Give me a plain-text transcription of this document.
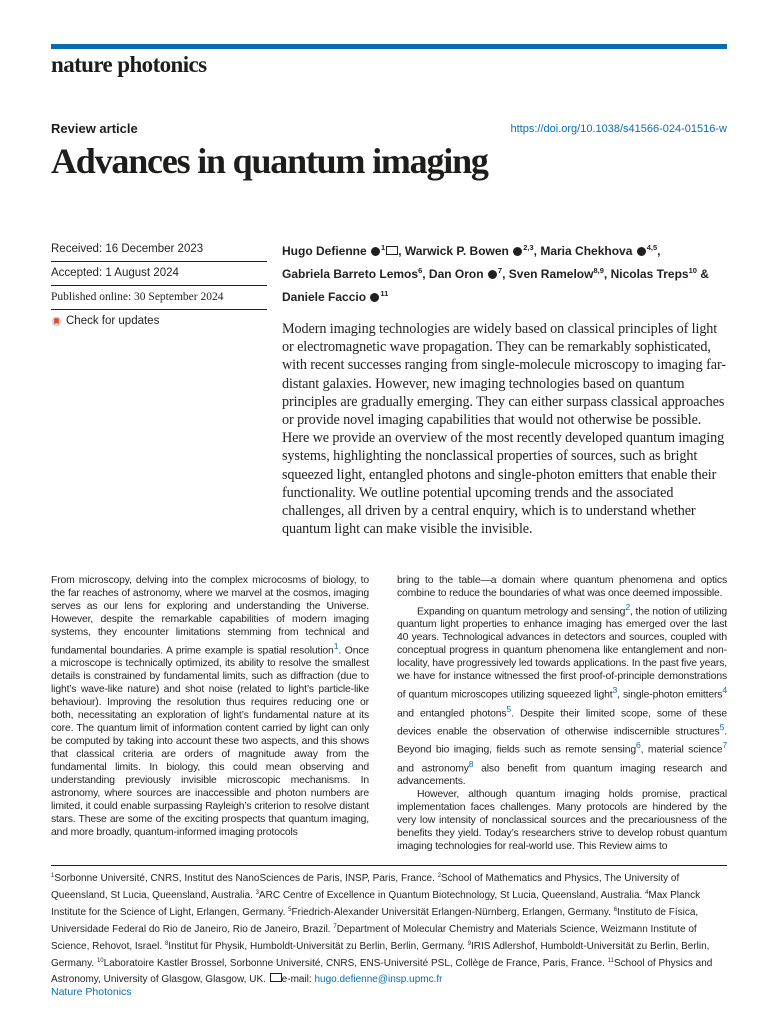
nature photonics
Review article	https://doi.org/10.1038/s41566-024-01516-w
Advances in quantum imaging
Received: 16 December 2023
Accepted: 1 August 2024
Published online: 30 September 2024
Check for updates
Hugo Defienne $^1$ , Warwick P. Bowen $^{2,3}$, Maria Chekhova $^{4,5}$,
Gabriela Barreto Lemos$^6$, Dan Oron $^7$, Sven Ramelow$^{8,9}$, Nicolas Treps$^{10}$ &
Daniele Faccio $^{11}$

Modern imaging technologies are widely based on classical principles of light or electromagnetic wave propagation. They can be remarkably sophisticated, with recent successes ranging from single-molecule microscopy to imaging far-distant galaxies. However, new imaging technologies based on quantum principles are gradually emerging. They can either surpass classical approaches or provide novel imaging capabilities that would not otherwise be possible. Here we provide an overview of the most recently developed quantum imaging systems, highlighting the nonclassical properties of sources, such as bright squeezed light, entangled photons and single-photon emitters that enable their functionality. We outline potential upcoming trends and the associated challenges, all driven by a central enquiry, which is to understand whether quantum light can make visible the invisible.

From microscopy, delving into the complex microcosms of biology, to the far reaches of astronomy, where we marvel at the cosmos, imaging serves as our lens for exploring and understanding the Universe. However, despite the remarkable capabilities of modern imaging systems, they encounter limitations stemming from technical and fundamental boundaries. A prime example is spatial resolution$^1$. Once a microscope is technically optimized, its ability to resolve the smallest details is constrained by fundamental limits, such as diffraction (due to light’s wave-like nature) and shot noise (related to light’s particle-like behaviour). Improving the resolution thus requires reducing one or both, necessitating an exploration of light’s fundamental nature at its core. The quantum limit of information content carried by light can only be computed by taking into account these two aspects, and this shows that classical criteria are orders of magnitude away from the fundamental limits. In biology, this could mean observing and understanding previously invisible microscopic mechanisms. In astronomy, where sources are inaccessible and photon numbers are limited, it could enable surpassing Rayleigh’s criterion to resolve distant stars. These are some of the exciting prospects that quantum imaging, and more broadly, quantum-informed imaging protocols

bring to the table—a domain where quantum phenomena and optics combine to reduce the boundaries of what was once deemed impossible.

Expanding on quantum metrology and sensing$^2$, the notion of utilizing quantum light properties to enhance imaging has emerged over the last 40 years. Technological advances in detectors and sources, coupled with conceptual progress in quantum phenomena like entanglement and non-locality, have progressively led towards applications. In the past five years, we have for instance witnessed the first proof-of-principle demonstrations of quantum microscopes utilizing squeezed light$^3$, single-photon emitters$^4$ and entangled photons$^5$. Despite their limited scope, some of these devices enable the observation of otherwise indiscernible structures$^5$. Beyond bio imaging, fields such as remote sensing$^6$, material science$^7$ and astronomy$^8$ also benefit from quantum imaging research and advancements.

However, although quantum imaging holds promise, practical implementation faces challenges. Many protocols are hindered by the very low intensity of nonclassical sources and the precariousness of the benefits they yield. Today’s researchers strive to develop robust quantum imaging technologies for real-world use. This Review aims to

$^1$Sorbonne Université, CNRS, Institut des NanoSciences de Paris, INSP, Paris, France. $^2$School of Mathematics and Physics, The University of Queensland, St Lucia, Queensland, Australia. $^3$ARC Centre of Excellence in Quantum Biotechnology, St Lucia, Queensland, Australia. $^4$Max Planck Institute for the Science of Light, Erlangen, Germany. $^5$Friedrich-Alexander Universität Erlangen-Nürnberg, Erlangen, Germany. $^6$Instituto de Física, Universidade Federal do Rio de Janeiro, Rio de Janeiro, Brazil. $^7$Department of Molecular Chemistry and Materials Science, Weizmann Institute of Science, Rehovot, Israel. $^8$Institut für Physik, Humboldt-Universität zu Berlin, Berlin, Germany. $^9$IRIS Adlershof, Humboldt-Universität zu Berlin, Berlin, Germany. $^{10}$Laboratoire Kastler Brossel, Sorbonne Université, CNRS, ENS-Université PSL, Collège de France, Paris, France. $^{11}$School of Physics and Astronomy, University of Glasgow, Glasgow, UK. e-mail: hugo.defienne@insp.upmc.fr

Nature Photonics
